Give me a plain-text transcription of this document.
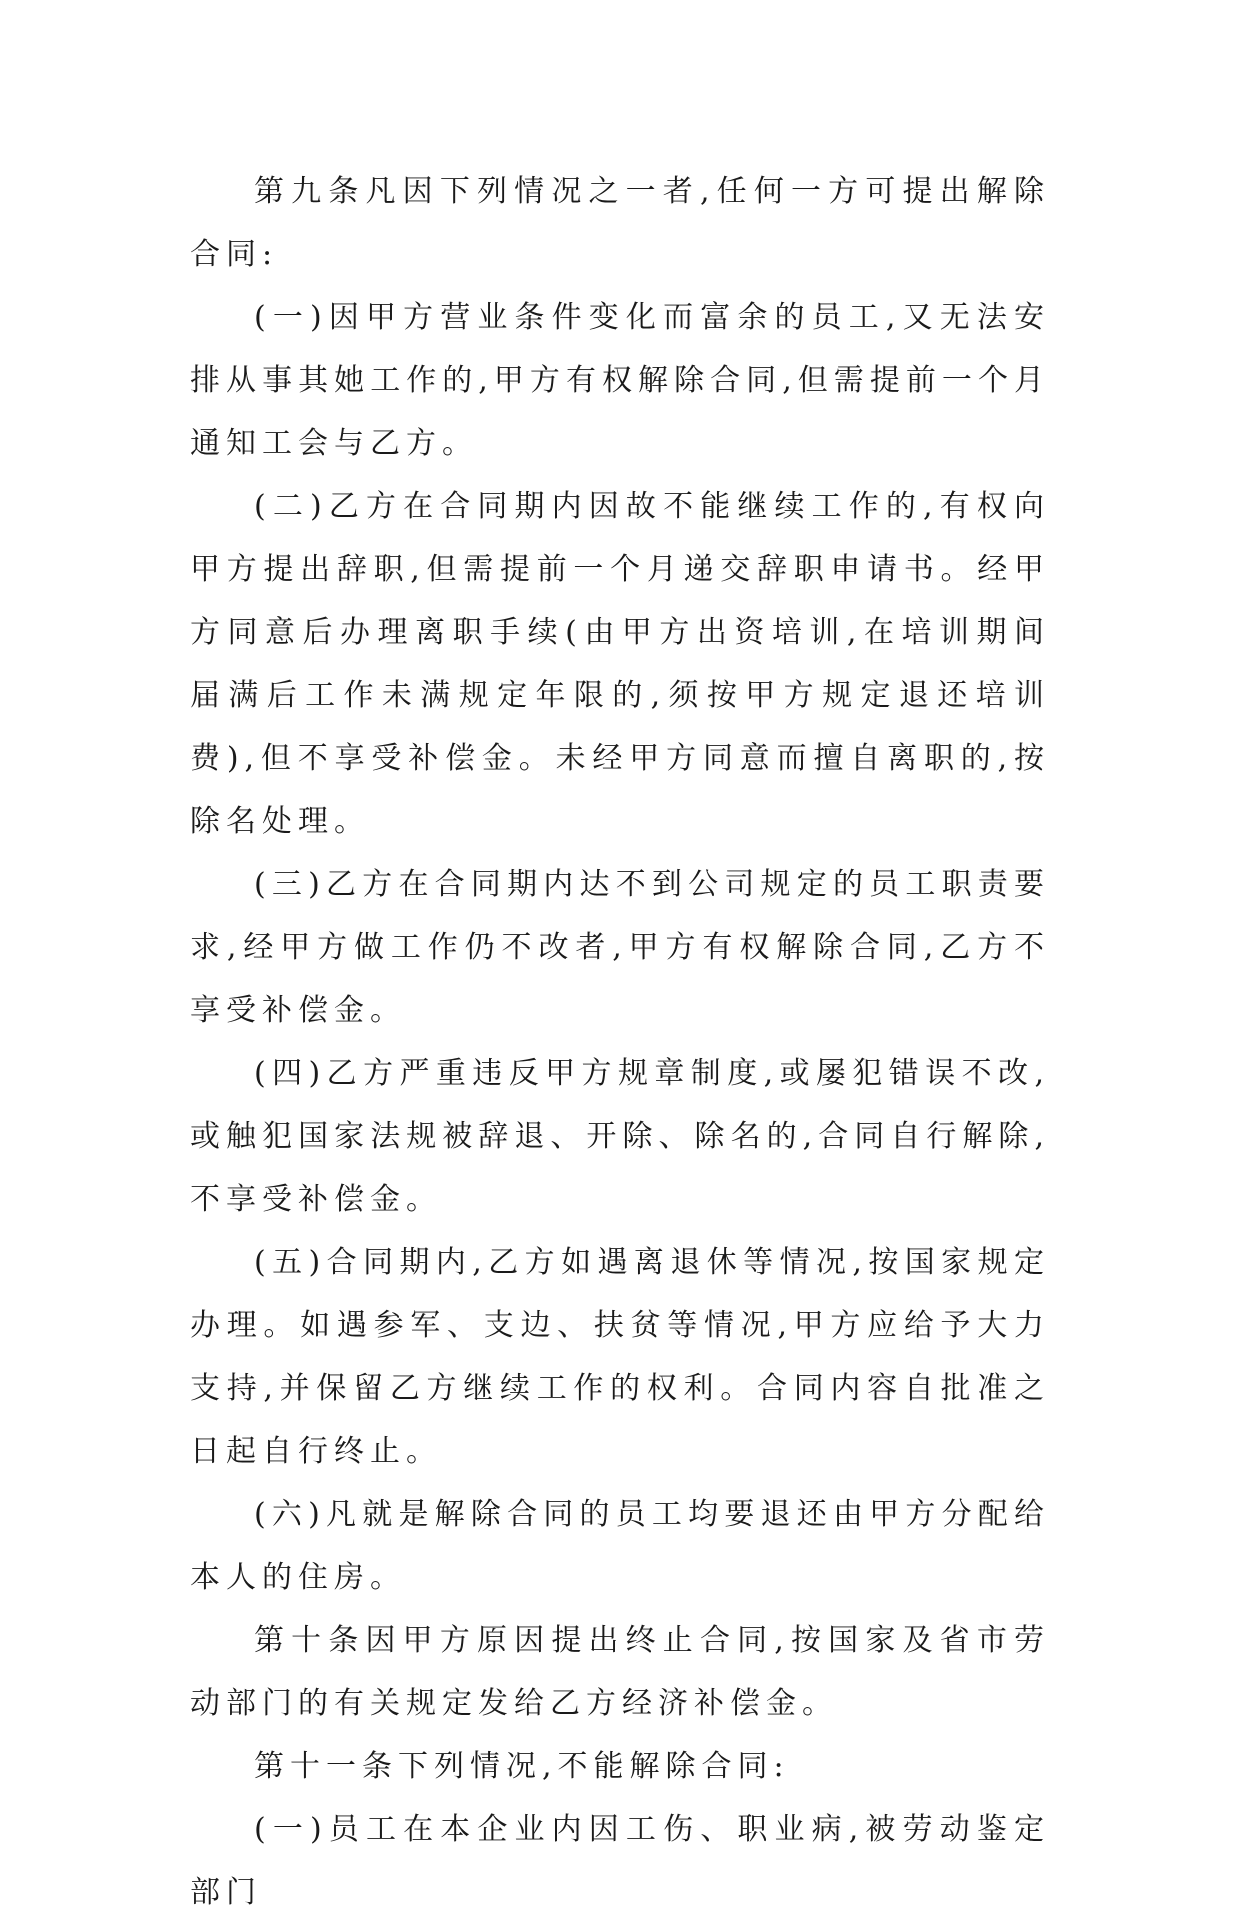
第九条凡因下列情况之一者,任何一方可提出解除合同:

(一)因甲方营业条件变化而富余的员工,又无法安排从事其她工作的,甲方有权解除合同,但需提前一个月通知工会与乙方。

(二)乙方在合同期内因故不能继续工作的,有权向甲方提出辞职,但需提前一个月递交辞职申请书。经甲方同意后办理离职手续(由甲方出资培训,在培训期间届满后工作未满规定年限的,须按甲方规定退还培训费),但不享受补偿金。未经甲方同意而擅自离职的,按除名处理。

(三)乙方在合同期内达不到公司规定的员工职责要求,经甲方做工作仍不改者,甲方有权解除合同,乙方不享受补偿金。

(四)乙方严重违反甲方规章制度,或屡犯错误不改,或触犯国家法规被辞退、开除、除名的,合同自行解除,不享受补偿金。

(五)合同期内,乙方如遇离退休等情况,按国家规定办理。如遇参军、支边、扶贫等情况,甲方应给予大力支持,并保留乙方继续工作的权利。合同内容自批准之日起自行终止。

(六)凡就是解除合同的员工均要退还由甲方分配给本人的住房。

第十条因甲方原因提出终止合同,按国家及省市劳动部门的有关规定发给乙方经济补偿金。

第十一条下列情况,不能解除合同:

(一)员工在本企业内因工伤、职业病,被劳动鉴定部门
